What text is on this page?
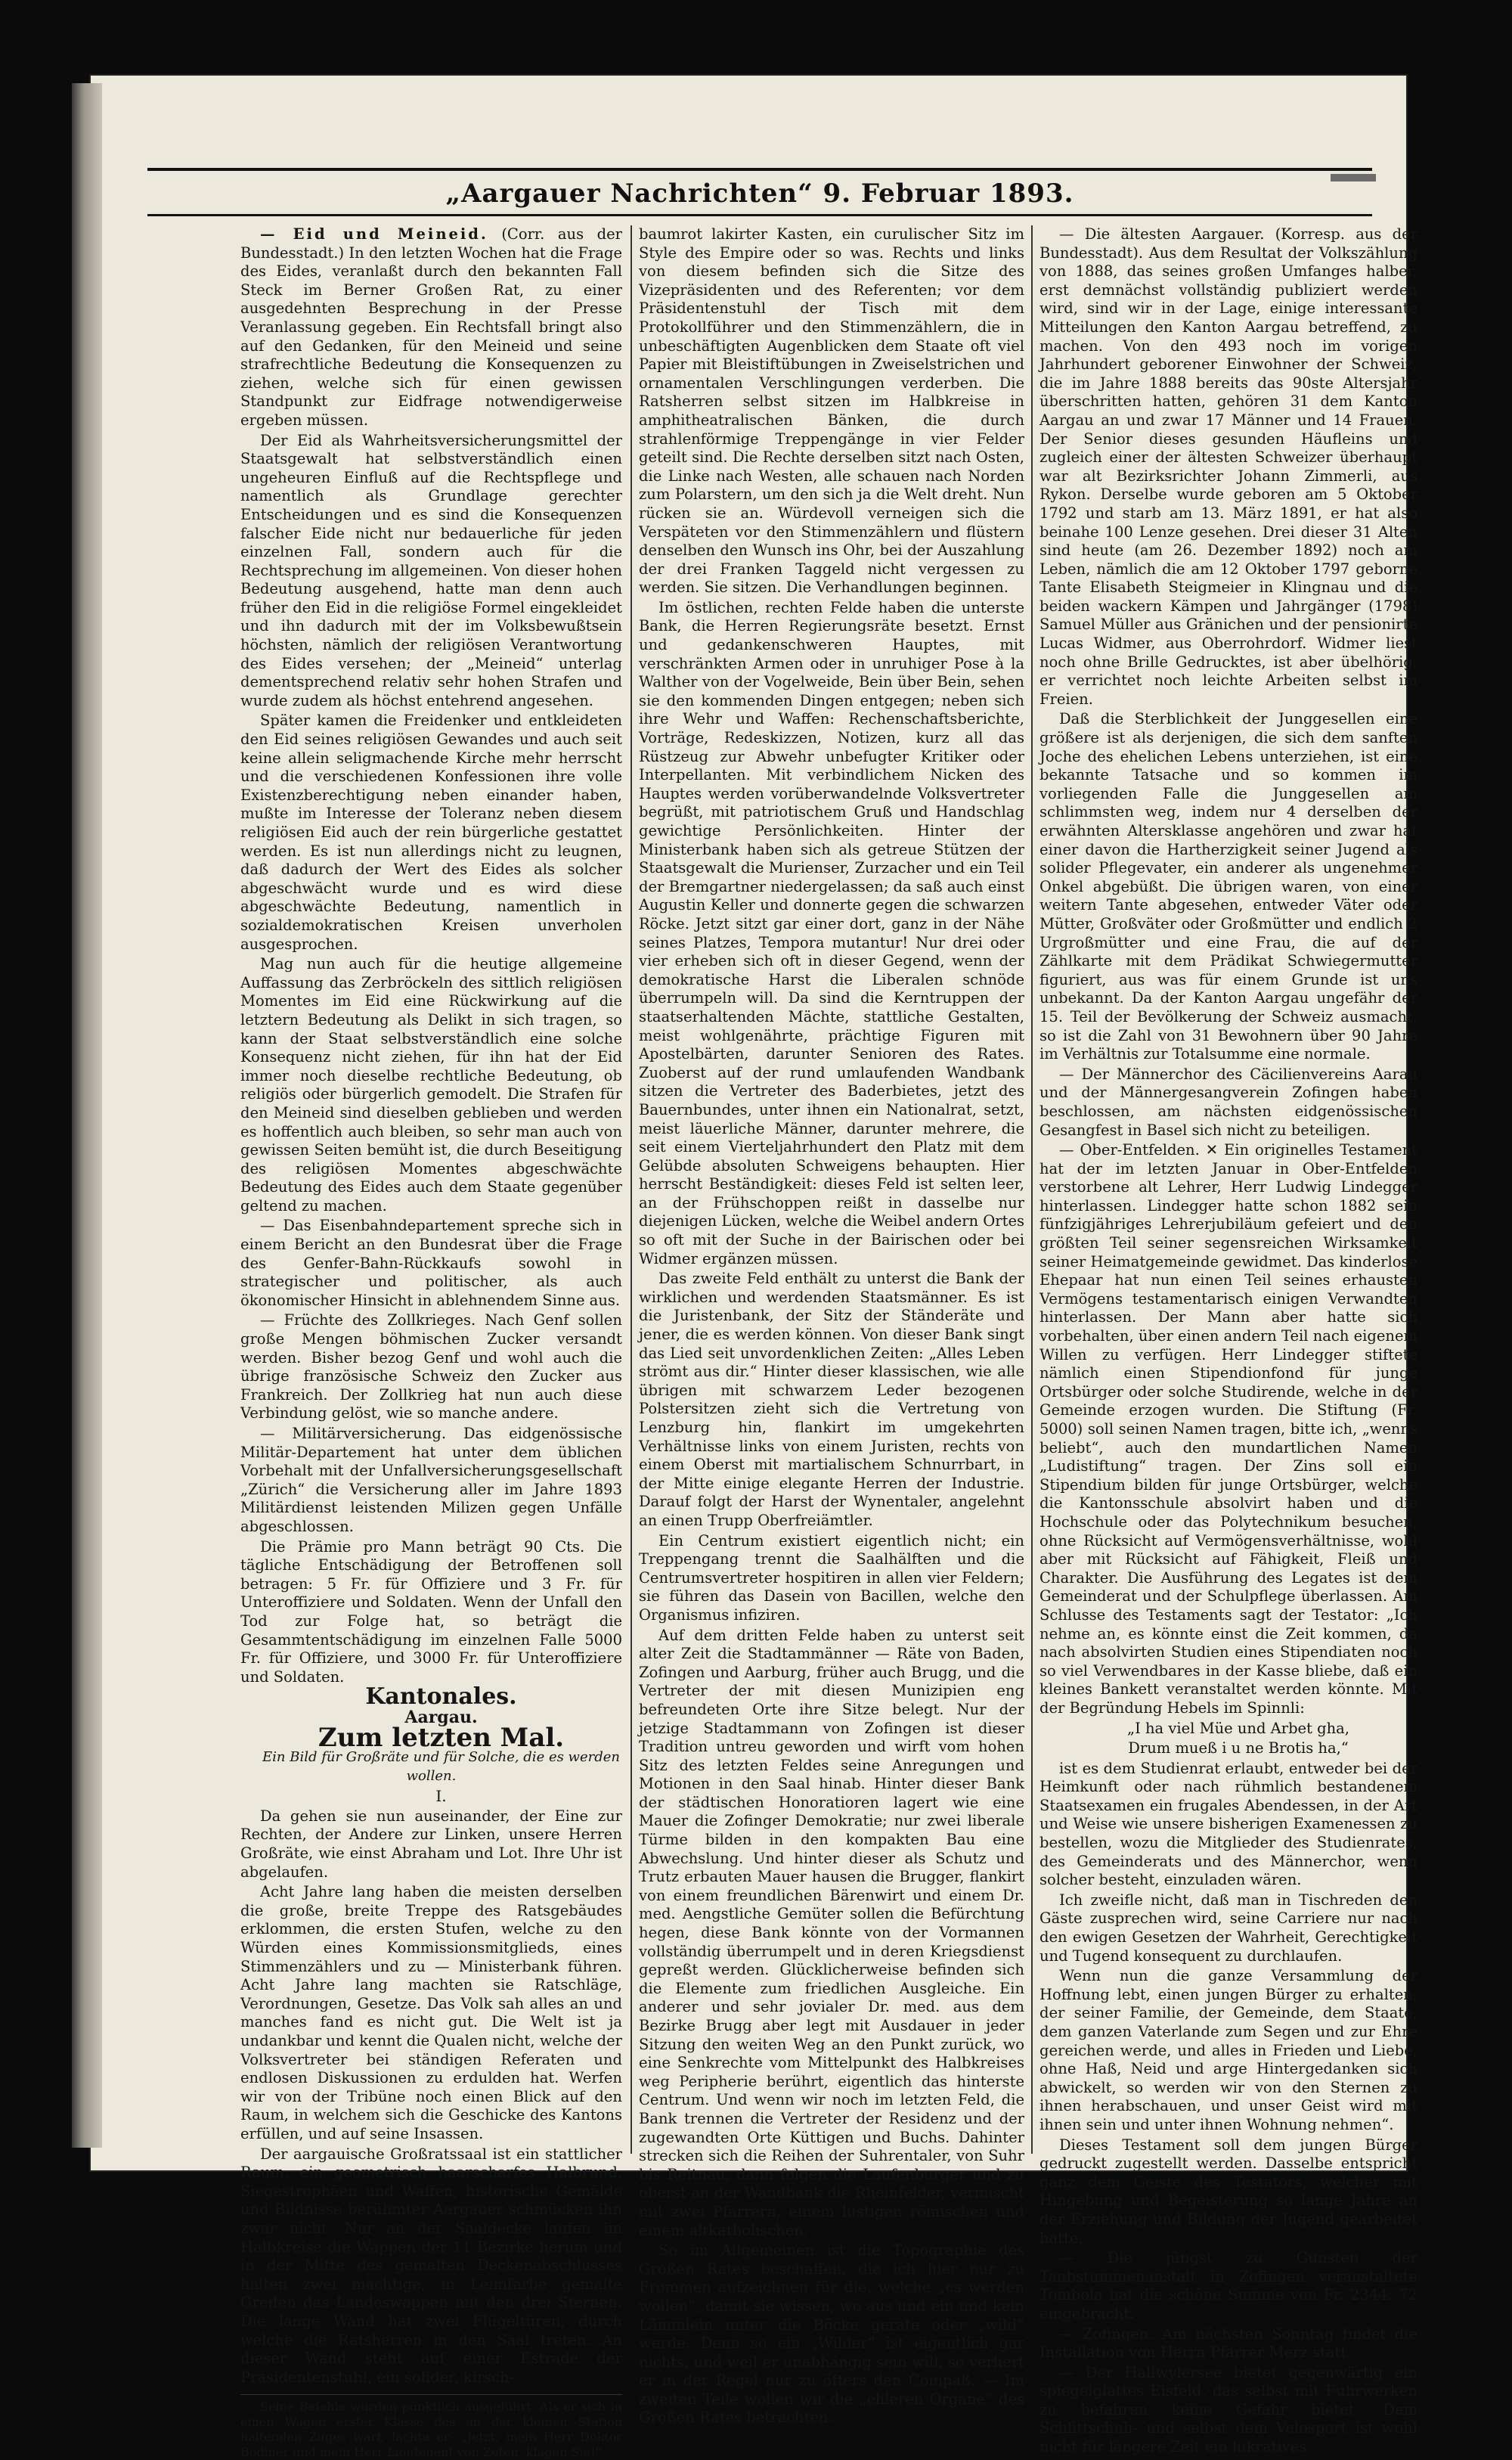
„Aargauer Nachrichten“ 9. Februar 1893.

— Eid und Meineid. (Corr. aus der Bundesstadt.) In den letzten Wochen hat die Frage des Eides, veranlaßt durch den bekannten Fall Steck im Berner Großen Rat, zu einer ausgedehnten Besprechung in der Presse Veranlassung gegeben. Ein Rechtsfall bringt also auf den Gedanken, für den Meineid und seine strafrechtliche Bedeutung die Konsequenzen zu ziehen, welche sich für einen gewissen Standpunkt zur Eidfrage notwendigerweise ergeben müssen.

Der Eid als Wahrheitsversicherungsmittel der Staatsgewalt hat selbstverständlich einen ungeheuren Einfluß auf die Rechtspflege und namentlich als Grundlage gerechter Entscheidungen und es sind die Konsequenzen falscher Eide nicht nur bedauerliche für jeden einzelnen Fall, sondern auch für die Rechtsprechung im allgemeinen. Von dieser hohen Bedeutung ausgehend, hatte man denn auch früher den Eid in die religiöse Formel eingekleidet und ihn dadurch mit der im Volksbewußtsein höchsten, nämlich der religiösen Verantwortung des Eides versehen; der „Meineid“ unterlag dementsprechend relativ sehr hohen Strafen und wurde zudem als höchst entehrend angesehen.

Später kamen die Freidenker und entkleideten den Eid seines religiösen Gewandes und auch seit keine allein seligmachende Kirche mehr herrscht und die verschiedenen Konfessionen ihre volle Existenzberechtigung neben einander haben, mußte im Interesse der Toleranz neben diesem religiösen Eid auch der rein bürgerliche gestattet werden. Es ist nun allerdings nicht zu leugnen, daß dadurch der Wert des Eides als solcher abgeschwächt wurde und es wird diese abgeschwächte Bedeutung, namentlich in sozialdemokratischen Kreisen unverholen ausgesprochen.

Mag nun auch für die heutige allgemeine Auffassung das Zerbröckeln des sittlich religiösen Momentes im Eid eine Rückwirkung auf die letztern Bedeutung als Delikt in sich tragen, so kann der Staat selbstverständlich eine solche Konsequenz nicht ziehen, für ihn hat der Eid immer noch dieselbe rechtliche Bedeutung, ob religiös oder bürgerlich gemodelt. Die Strafen für den Meineid sind dieselben geblieben und werden es hoffentlich auch bleiben, so sehr man auch von gewissen Seiten bemüht ist, die durch Beseitigung des religiösen Momentes abgeschwächte Bedeutung des Eides auch dem Staate gegenüber geltend zu machen.

— Das Eisenbahndepartement spreche sich in einem Bericht an den Bundesrat über die Frage des Genfer-Bahn-Rückkaufs sowohl in strategischer und politischer, als auch ökonomischer Hinsicht in ablehnendem Sinne aus.

— Früchte des Zollkrieges. Nach Genf sollen große Mengen böhmischen Zucker versandt werden. Bisher bezog Genf und wohl auch die übrige französische Schweiz den Zucker aus Frankreich. Der Zollkrieg hat nun auch diese Verbindung gelöst, wie so manche andere.

— Militärversicherung. Das eidgenössische Militär-Departement hat unter dem üblichen Vorbehalt mit der Unfallversicherungsgesellschaft „Zürich“ die Versicherung aller im Jahre 1893 Militärdienst leistenden Milizen gegen Unfälle abgeschlossen.

Die Prämie pro Mann beträgt 90 Cts. Die tägliche Entschädigung der Betroffenen soll betragen: 5 Fr. für Offiziere und 3 Fr. für Unteroffiziere und Soldaten. Wenn der Unfall den Tod zur Folge hat, so beträgt die Gesammtentschädigung im einzelnen Falle 5000 Fr. für Offiziere, und 3000 Fr. für Unteroffiziere und Soldaten.

Kantonales.

Aargau.

Zum letzten Mal.

Ein Bild für Großräte und für Solche, die es werden wollen.

I.

Da gehen sie nun auseinander, der Eine zur Rechten, der Andere zur Linken, unsere Herren Großräte, wie einst Abraham und Lot. Ihre Uhr ist abgelaufen.

Acht Jahre lang haben die meisten derselben die große, breite Treppe des Ratsgebäudes erklommen, die ersten Stufen, welche zu den Würden eines Kommissionsmitglieds, eines Stimmenzählers und zu — Ministerbank führen. Acht Jahre lang machten sie Ratschläge, Verordnungen, Gesetze. Das Volk sah alles an und manches fand es nicht gut. Die Welt ist ja undankbar und kennt die Qualen nicht, welche der Volksvertreter bei ständigen Referaten und endlosen Diskussionen zu erdulden hat. Werfen wir von der Tribüne noch einen Blick auf den Raum, in welchem sich die Geschicke des Kantons erfüllen, und auf seine Insassen.

Der aargauische Großratssaal ist ein stattlicher Raum, ein geometrisch haarscharfes Halbrund. Siegestrophäen und Waffen, historische Gemälde und Bildnisse berühmter Aargauer schmücken ihn zwar nicht. Nur an der Saaldecke laufen im Halbkreise die Wappen der 11 Bezirke herum und in der Mitte des gemalten Deckenabschlusses halten zwei mächtige, in Leimfarbe gemalte Greifen das Landeswappen mit den drei Sternen. Die lange Wand hat zwei Flügeltüren, durch welche die Ratsherren in den Saal treten. An dieser Wand steht auf einer Estrade der Präsidentenstuhl, ein solider, kirsch-

Seine Befehle wurden pünktlich ausgeführt. Als er sich in einen Wagen erster Klasse des an der kleinen Station haltenden Zuges warf, lachte er: „Jetzt, mein Herr Doktor Bodmer und mein Herr Lieutenant von Zeten, klagen Sie!“

baumrot lakirter Kasten, ein curulischer Sitz im Style des Empire oder so was. Rechts und links von diesem befinden sich die Sitze des Vizepräsidenten und des Referenten; vor dem Präsidentenstuhl der Tisch mit dem Protokollführer und den Stimmenzählern, die in unbeschäftigten Augenblicken dem Staate oft viel Papier mit Bleistiftübungen in Zweiselstrichen und ornamentalen Verschlingungen verderben. Die Ratsherren selbst sitzen im Halbkreise in amphitheatralischen Bänken, die durch strahlenförmige Treppengänge in vier Felder geteilt sind. Die Rechte derselben sitzt nach Osten, die Linke nach Westen, alle schauen nach Norden zum Polarstern, um den sich ja die Welt dreht. Nun rücken sie an. Würdevoll verneigen sich die Verspäteten vor den Stimmenzählern und flüstern denselben den Wunsch ins Ohr, bei der Auszahlung der drei Franken Taggeld nicht vergessen zu werden. Sie sitzen. Die Verhandlungen beginnen.

Im östlichen, rechten Felde haben die unterste Bank, die Herren Regierungsräte besetzt. Ernst und gedankenschweren Hauptes, mit verschränkten Armen oder in unruhiger Pose à la Walther von der Vogelweide, Bein über Bein, sehen sie den kommenden Dingen entgegen; neben sich ihre Wehr und Waffen: Rechenschaftsberichte, Vorträge, Redeskizzen, Notizen, kurz all das Rüstzeug zur Abwehr unbefugter Kritiker oder Interpellanten. Mit verbindlichem Nicken des Hauptes werden vorüberwandelnde Volksvertreter begrüßt, mit patriotischem Gruß und Handschlag gewichtige Persönlichkeiten. Hinter der Ministerbank haben sich als getreue Stützen der Staatsgewalt die Murienser, Zurzacher und ein Teil der Bremgartner niedergelassen; da saß auch einst Augustin Keller und donnerte gegen die schwarzen Röcke. Jetzt sitzt gar einer dort, ganz in der Nähe seines Platzes, Tempora mutantur! Nur drei oder vier erheben sich oft in dieser Gegend, wenn der demokratische Harst die Liberalen schnöde überrumpeln will. Da sind die Kerntruppen der staatserhaltenden Mächte, stattliche Gestalten, meist wohlgenährte, prächtige Figuren mit Apostelbärten, darunter Senioren des Rates. Zuoberst auf der rund umlaufenden Wandbank sitzen die Vertreter des Baderbietes, jetzt des Bauernbundes, unter ihnen ein Nationalrat, setzt, meist läuerliche Männer, darunter mehrere, die seit einem Vierteljahrhundert den Platz mit dem Gelübde absoluten Schweigens behaupten. Hier herrscht Beständigkeit: dieses Feld ist selten leer, an der Frühschoppen reißt in dasselbe nur diejenigen Lücken, welche die Weibel andern Ortes so oft mit der Suche in der Bairischen oder bei Widmer ergänzen müssen.

Das zweite Feld enthält zu unterst die Bank der wirklichen und werdenden Staatsmänner. Es ist die Juristenbank, der Sitz der Ständeräte und jener, die es werden können. Von dieser Bank singt das Lied seit unvordenklichen Zeiten: „Alles Leben strömt aus dir.“ Hinter dieser klassischen, wie alle übrigen mit schwarzem Leder bezogenen Polstersitzen zieht sich die Vertretung von Lenzburg hin, flankirt im umgekehrten Verhältnisse links von einem Juristen, rechts von einem Oberst mit martialischem Schnurrbart, in der Mitte einige elegante Herren der Industrie. Darauf folgt der Harst der Wynentaler, angelehnt an einen Trupp Oberfreiämtler.

Ein Centrum existiert eigentlich nicht; ein Treppengang trennt die Saalhälften und die Centrumsvertreter hospitiren in allen vier Feldern; sie führen das Dasein von Bacillen, welche den Organismus infiziren.

Auf dem dritten Felde haben zu unterst seit alter Zeit die Stadtammänner — Räte von Baden, Zofingen und Aarburg, früher auch Brugg, und die Vertreter der mit diesen Munizipien eng befreundeten Orte ihre Sitze belegt. Nur der jetzige Stadtammann von Zofingen ist dieser Tradition untreu geworden und wirft vom hohen Sitz des letzten Feldes seine Anregungen und Motionen in den Saal hinab. Hinter dieser Bank der städtischen Honoratioren lagert wie eine Mauer die Zofinger Demokratie; nur zwei liberale Türme bilden in den kompakten Bau eine Abwechslung. Und hinter dieser als Schutz und Trutz erbauten Mauer hausen die Brugger, flankirt von einem freundlichen Bärenwirt und einem Dr. med. Aengstliche Gemüter sollen die Befürchtung hegen, diese Bank könnte von der Vormannen vollständig überrumpelt und in deren Kriegsdienst gepreßt werden. Glücklicherweise befinden sich die Elemente zum friedlichen Ausgleiche. Ein anderer und sehr jovialer Dr. med. aus dem Bezirke Brugg aber legt mit Ausdauer in jeder Sitzung den weiten Weg an den Punkt zurück, wo eine Senkrechte vom Mittelpunkt des Halbkreises weg Peripherie berührt, eigentlich das hinterste Centrum. Und wenn wir noch im letzten Feld, die Bank trennen die Vertreter der Residenz und der zugewandten Orte Küttigen und Buchs. Dahinter strecken sich die Reihen der Suhrentaler, von Suhr bis Reitnau, dann folgen die Laufenburger und zu oberst an der Wandbank die Rheinfelder, vermischt mit zwei Pfarrern, einem lustigen römischen und einem altkatholischen.

So im Allgemeinen ist die Topographie des Großen Rates beschaffen, die ich hier nur zu Frommen aufzeichnen für die, welche „es werden wollen“, damit sie wissen, wo aus und ein und kein Lämmlein unter die Böcke gerate oder „wild“ werde. Denn so ein „Wilder“ ist eigentlich gar nichts, und weil er unabhängig sein will, so verliert er in der Regel nur zu öfters den Compaß. — Im zweiten Teile wollen wir die „ehleren Organe“ des Großen Rates betrachten.

— Die ältesten Aargauer. (Korresp. aus der Bundesstadt). Aus dem Resultat der Volkszählung von 1888, das seines großen Umfanges halber, erst demnächst vollständig publiziert werden wird, sind wir in der Lage, einige interessante Mitteilungen den Kanton Aargau betreffend, zu machen. Von den 493 noch im vorigen Jahrhundert geborener Einwohner der Schweiz, die im Jahre 1888 bereits das 90ste Altersjahr überschritten hatten, gehören 31 dem Kanton Aargau an und zwar 17 Männer und 14 Frauen. Der Senior dieses gesunden Häufleins und zugleich einer der ältesten Schweizer überhaupt war alt Bezirksrichter Johann Zimmerli, aus Rykon. Derselbe wurde geboren am 5 Oktober 1792 und starb am 13. März 1891, er hat also beinahe 100 Lenze gesehen. Drei dieser 31 Alten sind heute (am 26. Dezember 1892) noch am Leben, nämlich die am 12 Oktober 1797 geborne Tante Elisabeth Steigmeier in Klingnau und die beiden wackern Kämpen und Jahrgänger (1798) Samuel Müller aus Gränichen und der pensionirte Lucas Widmer, aus Oberrohrdorf. Widmer liest noch ohne Brille Gedrucktes, ist aber übelhörig, er verrichtet noch leichte Arbeiten selbst im Freien.

Daß die Sterblichkeit der Junggesellen eine größere ist als derjenigen, die sich dem sanften Joche des ehelichen Lebens unterziehen, ist eine bekannte Tatsache und so kommen im vorliegenden Falle die Junggesellen am schlimmsten weg, indem nur 4 derselben der erwähnten Altersklasse angehören und zwar hat einer davon die Hartherzigkeit seiner Jugend als solider Pflegevater, ein anderer als ungenehmer Onkel abgebüßt. Die übrigen waren, von einer weitern Tante abgesehen, entweder Väter oder Mütter, Großväter oder Großmütter und endlich 2 Urgroßmütter und eine Frau, die auf der Zählkarte mit dem Prädikat Schwiegermutter figuriert, aus was für einem Grunde ist uns unbekannt. Da der Kanton Aargau ungefähr der 15. Teil der Bevölkerung der Schweiz ausmacht, so ist die Zahl von 31 Bewohnern über 90 Jahre im Verhältnis zur Totalsumme eine normale.

— Der Männerchor des Cäcilienvereins Aarau und der Männergesangverein Zofingen haben beschlossen, am nächsten eidgenössischen Gesangfest in Basel sich nicht zu beteiligen.

— Ober-Entfelden. ✕ Ein originelles Testament hat der im letzten Januar in Ober-Entfelden verstorbene alt Lehrer, Herr Ludwig Lindegger hinterlassen. Lindegger hatte schon 1882 sein fünfzigjähriges Lehrerjubiläum gefeiert und den größten Teil seiner segensreichen Wirksamkeit seiner Heimatgemeinde gewidmet. Das kinderlose Ehepaar hat nun einen Teil seines erhausten Vermögens testamentarisch einigen Verwandten hinterlassen. Der Mann aber hatte sich vorbehalten, über einen andern Teil nach eigenem Willen zu verfügen. Herr Lindegger stiftete nämlich einen Stipendionfond für junge Ortsbürger oder solche Studirende, welche in der Gemeinde erzogen wurden. Die Stiftung (Fr. 5000) soll seinen Namen tragen, bitte ich, „wenns beliebt“, auch den mundartlichen Namen „Ludistiftung“ tragen. Der Zins soll ein Stipendium bilden für junge Ortsbürger, welche die Kantonsschule absolvirt haben und die Hochschule oder das Polytechnikum besuchen, ohne Rücksicht auf Vermögensverhältnisse, wohl aber mit Rücksicht auf Fähigkeit, Fleiß und Charakter. Die Ausführung des Legates ist dem Gemeinderat und der Schulpflege überlassen. Am Schlusse des Testaments sagt der Testator: „Ich nehme an, es könnte einst die Zeit kommen, da nach absolvirten Studien eines Stipendiaten noch so viel Verwendbares in der Kasse bliebe, daß ein kleines Bankett veranstaltet werden könnte. Mit der Begründung Hebels im Spinnli:

„I ha viel Müe und Arbet gha,

Drum mueß i u ne Brotis ha,“

ist es dem Studienrat erlaubt, entweder bei der Heimkunft oder nach rühmlich bestandenem Staatsexamen ein frugales Abendessen, in der Art und Weise wie unsere bisherigen Examenessen zu bestellen, wozu die Mitglieder des Studienrates, des Gemeinderats und des Männerchor, wenn solcher besteht, einzuladen wären.

Ich zweifle nicht, daß man in Tischreden den Gäste zusprechen wird, seine Carriere nur nach den ewigen Gesetzen der Wahrheit, Gerechtigkeit und Tugend konsequent zu durchlaufen.

Wenn nun die ganze Versammlung der Hoffnung lebt, einen jungen Bürger zu erhalten, der seiner Familie, der Gemeinde, dem Staate, dem ganzen Vaterlande zum Segen und zur Ehre gereichen werde, und alles in Frieden und Liebe, ohne Haß, Neid und arge Hintergedanken sich abwickelt, so werden wir von den Sternen zu ihnen herabschauen, und unser Geist wird mit ihnen sein und unter ihnen Wohnung nehmen“.

Dieses Testament soll dem jungen Bürger gedruckt zugestellt werden. Dasselbe entspricht ganz dem Geiste des Testators, welcher mit Hingebung und Begeisterung so lange Jahre an der Erziehung und Bildung der Jugend gearbeitet hatte.

— Die jüngst zu Gunsten der Taubstummenanstalt in Zofingen veranstaltete Tombola hat die schöne Summe von Fr. 2344. 72 eingebracht.

— Zofingen. Am nächsten Sonntag findet die Installation von Herrn Pfarrer Merz statt.

— Der Hallwylersee bietet gegenwärtig ein spiegelglattes Eisfeld, das selbst mit Fuhrwerken zu befahren keine Gefahr bietet. Dem Schlittschuh- und selbst dem Velosport ist wohl nicht für längere Zeit ein lukratives
